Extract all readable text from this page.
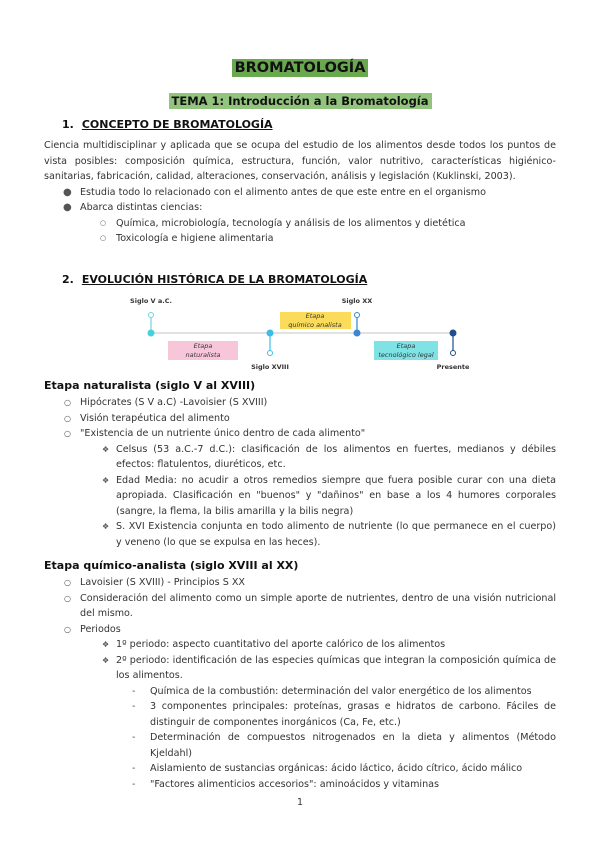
BROMATOLOGÍA
TEMA 1: Introducción a la Bromatología
1. CONCEPTO DE BROMATOLOGÍA
Ciencia multidisciplinar y aplicada que se ocupa del estudio de los alimentos desde todos los puntos de vista posibles: composición química, estructura, función, valor nutritivo, características higiénico-sanitarias, fabricación, calidad, alteraciones, conservación, análisis y legislación (Kuklinski, 2003).
● Estudia todo lo relacionado con el alimento antes de que este entre en el organismo
● Abarca distintas ciencias:
○ Química, microbiología, tecnología y análisis de los alimentos y dietética
○ Toxicología e higiene alimentaria
2. EVOLUCIÓN HISTÓRICA DE LA BROMATOLOGÍA
Etapa
naturalista
Etapa
químico analista
Etapa
tecnológico legal
Siglo V a.C.
Siglo XVIII
Siglo XX
Presente
Etapa naturalista (siglo V al XVIII)
○ Hipócrates (S V a.C) -Lavoisier (S XVIII)
○ Visión terapéutica del alimento
○ "Existencia de un nutriente único dentro de cada alimento"
❖ Celsus (53 a.C.-7 d.C.): clasificación de los alimentos en fuertes, medianos y débiles efectos: flatulentos, diuréticos, etc.
❖ Edad Media: no acudir a otros remedios siempre que fuera posible curar con una dieta apropiada. Clasificación en "buenos" y "dañinos" en base a los 4 humores corporales (sangre, la flema, la bilis amarilla y la bilis negra)
❖ S. XVI Existencia conjunta en todo alimento de nutriente (lo que permanece en el cuerpo) y veneno (lo que se expulsa en las heces).
Etapa químico-analista (siglo XVIII al XX)
○ Lavoisier (S XVIII) - Principios S XX
○ Consideración del alimento como un simple aporte de nutrientes, dentro de una visión nutricional del mismo.
○ Periodos
❖ 1º periodo: aspecto cuantitativo del aporte calórico de los alimentos
❖ 2º periodo: identificación de las especies químicas que integran la composición química de los alimentos.
- Química de la combustión: determinación del valor energético de los alimentos
- 3 componentes principales: proteínas, grasas e hidratos de carbono. Fáciles de distinguir de componentes inorgánicos (Ca, Fe, etc.)
- Determinación de compuestos nitrogenados en la dieta y alimentos (Método Kjeldahl)
- Aislamiento de sustancias orgánicas: ácido láctico, ácido cítrico, ácido málico
- "Factores alimenticios accesorios": aminoácidos y vitaminas
1
